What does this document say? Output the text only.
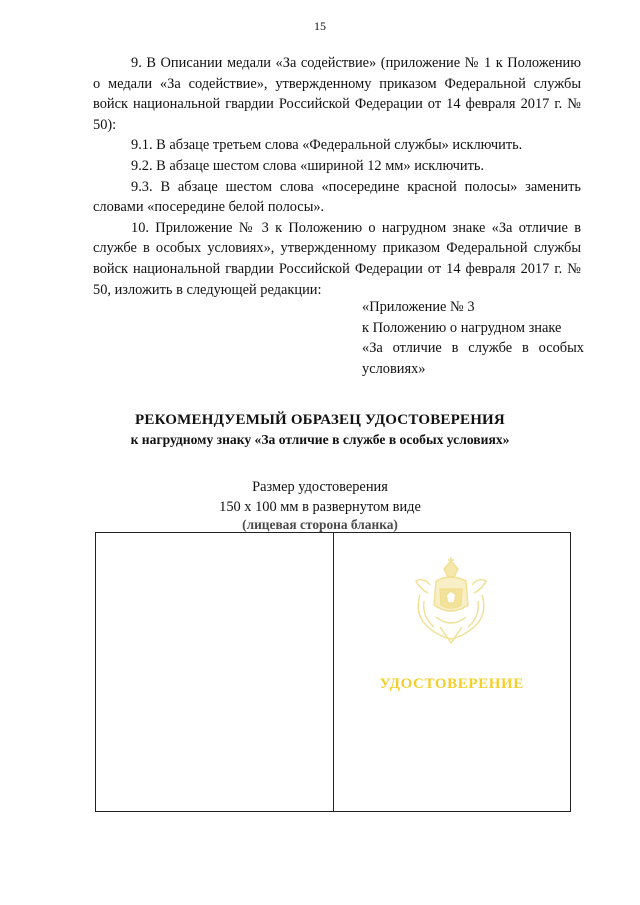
15

9. В Описании медали «За содействие» (приложение № 1 к Положению о медали «За содействие», утвержденному приказом Федеральной службы войск национальной гвардии Российской Федерации от 14 февраля 2017 г. № 50):

9.1. В абзаце третьем слова «Федеральной службы» исключить.

9.2. В абзаце шестом слова «шириной 12 мм» исключить.

9.3. В абзаце шестом слова «посередине красной полосы» заменить словами «посередине белой полосы».

10. Приложение № 3 к Положению о нагрудном знаке «За отличие в службе в особых условиях», утвержденному приказом Федеральной службы войск национальной гвардии Российской Федерации от 14 февраля 2017 г. № 50, изложить в следующей редакции:

«Приложение № 3
к Положению о нагрудном знаке
«За отличие в службе в особых
условиях»
РЕКОМЕНДУЕМЫЙ ОБРАЗЕЦ УДОСТОВЕРЕНИЯ
к нагрудному знаку «За отличие в службе в особых условиях»
Размер удостоверения
150 х 100 мм в развернутом виде
(лицевая сторона бланка)
УДОСТОВЕРЕНИЕ
